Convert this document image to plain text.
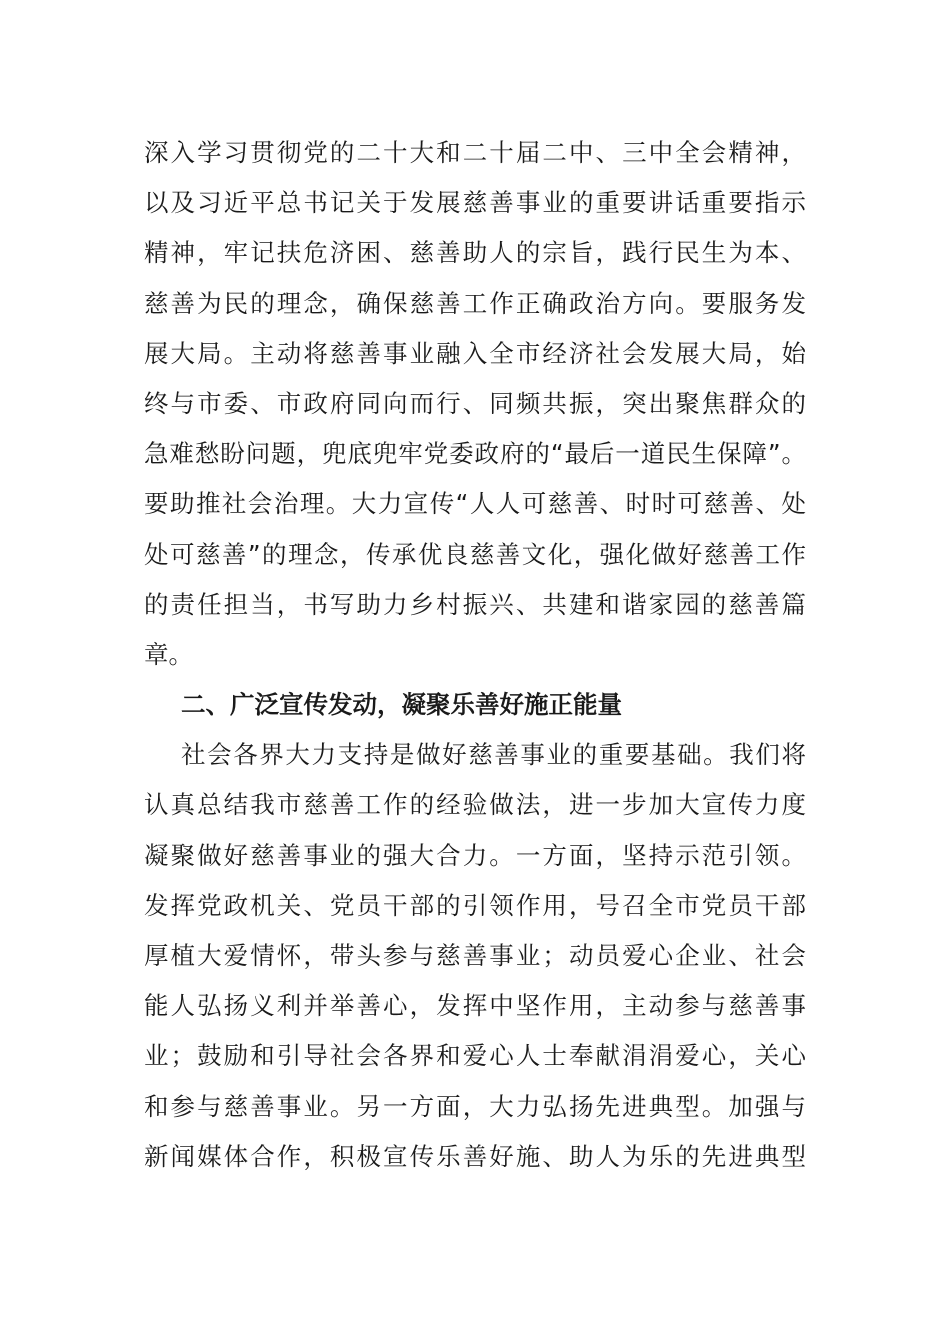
深入学习贯彻党的二十大和二十届二中、三中全会精神，
以及习近平总书记关于发展慈善事业的重要讲话重要指示
精神，牢记扶危济困、慈善助人的宗旨，践行民生为本、
慈善为民的理念，确保慈善工作正确政治方向。要服务发
展大局。主动将慈善事业融入全市经济社会发展大局，始
终与市委、市政府同向而行、同频共振，突出聚焦群众的
急难愁盼问题，兜底兜牢党委政府的“最后一道民生保障”。
要助推社会治理。大力宣传“人人可慈善、时时可慈善、处
处可慈善”的理念，传承优良慈善文化，强化做好慈善工作
的责任担当，书写助力乡村振兴、共建和谐家园的慈善篇
章。
二、广泛宣传发动，凝聚乐善好施正能量
社会各界大力支持是做好慈善事业的重要基础。我们将
认真总结我市慈善工作的经验做法，进一步加大宣传力度
凝聚做好慈善事业的强大合力。一方面，坚持示范引领。
发挥党政机关、党员干部的引领作用，号召全市党员干部
厚植大爱情怀，带头参与慈善事业；动员爱心企业、社会
能人弘扬义利并举善心，发挥中坚作用，主动参与慈善事
业；鼓励和引导社会各界和爱心人士奉献涓涓爱心，关心
和参与慈善事业。另一方面，大力弘扬先进典型。加强与
新闻媒体合作，积极宣传乐善好施、助人为乐的先进典型
